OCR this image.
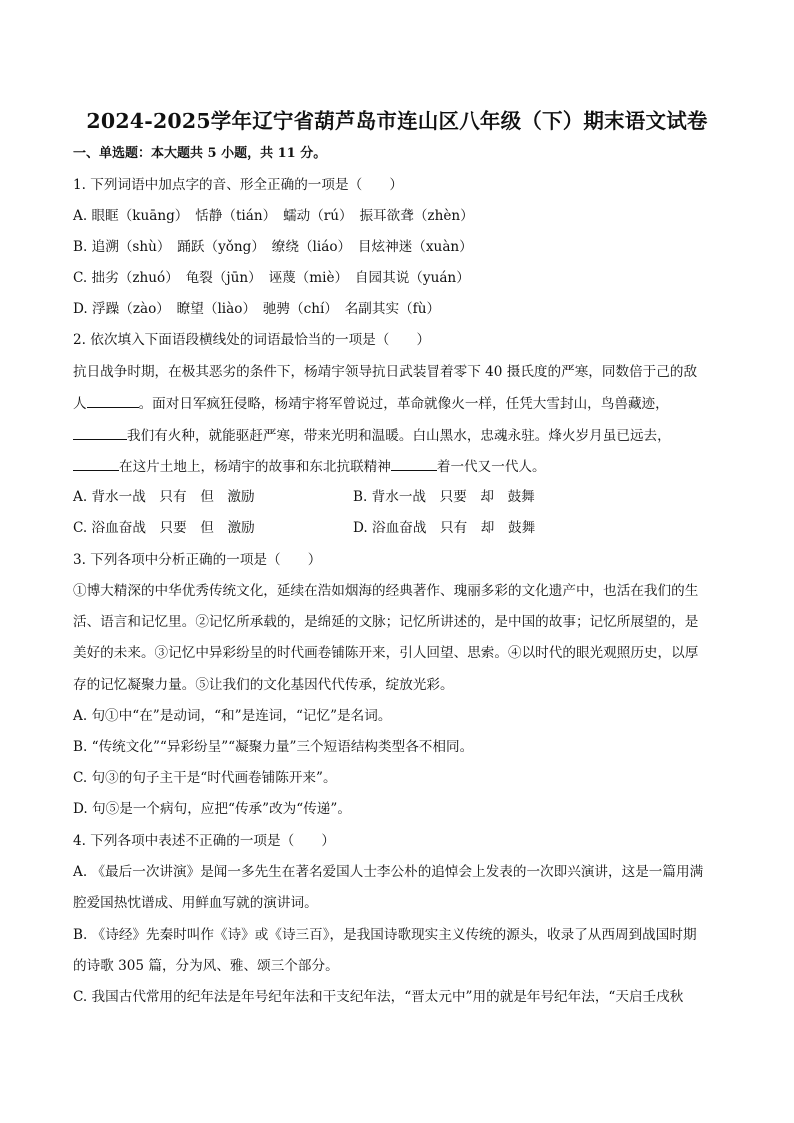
2024-2025学年辽宁省葫芦岛市连山区八年级（下）期末语文试卷
一、单选题：本大题共 5 小题，共 11 分。
1. 下列词语中加点字的音、形全正确的一项是（　　）
A. 眼眶（kuāng）　恬静（tián）　蠕动（rú）　振耳欲聋（zhèn）
B. 追溯（shù）　踊跃（yǒng）　缭绕（liáo）　目炫神迷（xuàn）
C. 拙劣（zhuó）　龟裂（jūn）　诬蔑（miè）　自园其说（yuán）
D. 浮躁（zào）　瞭望（liào）　驰骋（chí）　名副其实（fù）
2. 依次填入下面语段横线处的词语最恰当的一项是（　　）
抗日战争时期，在极其恶劣的条件下，杨靖宇领导抗日武装冒着零下 40 摄氏度的严寒，同数倍于己的敌
人	。面对日军疯狂侵略，杨靖宇将军曾说过，革命就像火一样，任凭大雪封山，鸟兽藏迹，
我们有火种，就能驱赶严寒，带来光明和温暖。白山黑水，忠魂永驻。烽火岁月虽已远去，
在这片土地上，杨靖宇的故事和东北抗联精神	着一代又一代人。
A. 背水一战　只有　但　激励	B. 背水一战　只要　却　鼓舞
C. 浴血奋战　只要　但　激励	D. 浴血奋战　只有　却　鼓舞
3. 下列各项中分析正确的一项是（　　）
①博大精深的中华优秀传统文化，延续在浩如烟海的经典著作、瑰丽多彩的文化遗产中，也活在我们的生
活、语言和记忆里。②记忆所承载的，是绵延的文脉；记忆所讲述的，是中国的故事；记忆所展望的，是
美好的未来。③记忆中异彩纷呈的时代画卷铺陈开来，引人回望、思索。④以时代的眼光观照历史，以厚
存的记忆凝聚力量。⑤让我们的文化基因代代传承，绽放光彩。
A. 句①中“在”是动词，“和”是连词，“记忆”是名词。
B. “传统文化”“异彩纷呈”“凝聚力量”三个短语结构类型各不相同。
C. 句③的句子主干是“时代画卷铺陈开来”。
D. 句⑤是一个病句，应把“传承”改为“传递”。
4. 下列各项中表述不正确的一项是（　　）
A. 《最后一次讲演》是闻一多先生在著名爱国人士李公朴的追悼会上发表的一次即兴演讲，这是一篇用满
腔爱国热忱谱成、用鲜血写就的演讲词。
B. 《诗经》先秦时叫作《诗》或《诗三百》，是我国诗歌现实主义传统的源头，收录了从西周到战国时期
的诗歌 305 篇，分为风、雅、颂三个部分。
C. 我国古代常用的纪年法是年号纪年法和干支纪年法，“晋太元中”用的就是年号纪年法，“天启壬戌秋
